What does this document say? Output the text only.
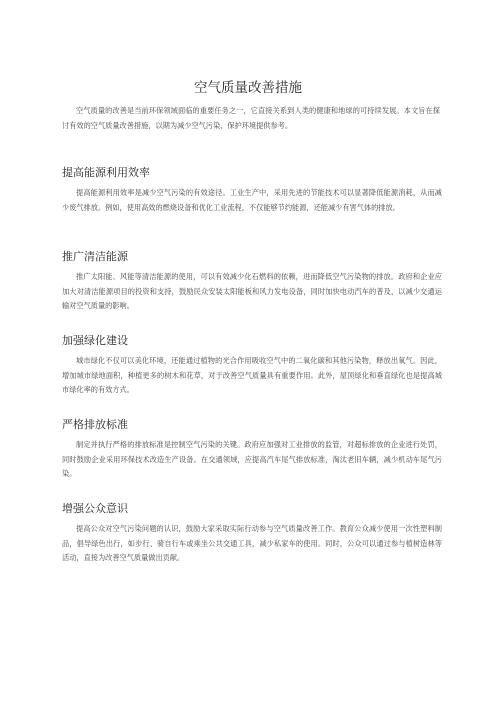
空气质量改善措施

空气质量的改善是当前环保领域面临的重要任务之一，它直接关系到人类的健康和地球的可持续发展。本文旨在探讨有效的空气质量改善措施，以期为减少空气污染、保护环境提供参考。

提高能源利用效率

提高能源利用效率是减少空气污染的有效途径。工业生产中，采用先进的节能技术可以显著降低能源消耗，从而减少废气排放。例如，使用高效的燃烧设备和优化工业流程，不仅能够节约能源，还能减少有害气体的排放。

推广清洁能源

推广太阳能、风能等清洁能源的使用，可以有效减少化石燃料的依赖，进而降低空气污染物的排放。政府和企业应加大对清洁能源项目的投资和支持，鼓励民众安装太阳能板和风力发电设备，同时加快电动汽车的普及，以减少交通运输对空气质量的影响。

加强绿化建设

城市绿化不仅可以美化环境，还能通过植物的光合作用吸收空气中的二氧化碳和其他污染物，释放出氧气。因此，增加城市绿地面积，种植更多的树木和花草，对于改善空气质量具有重要作用。此外，屋顶绿化和垂直绿化也是提高城市绿化率的有效方式。

严格排放标准

制定并执行严格的排放标准是控制空气污染的关键。政府应加强对工业排放的监管，对超标排放的企业进行处罚，同时鼓励企业采用环保技术改造生产设备。在交通领域，应提高汽车尾气排放标准，淘汰老旧车辆，减少机动车尾气污染。

增强公众意识

提高公众对空气污染问题的认识，鼓励大家采取实际行动参与空气质量改善工作。教育公众减少使用一次性塑料制品，倡导绿色出行，如步行、骑自行车或乘坐公共交通工具，减少私家车的使用。同时，公众可以通过参与植树造林等活动，直接为改善空气质量做出贡献。
